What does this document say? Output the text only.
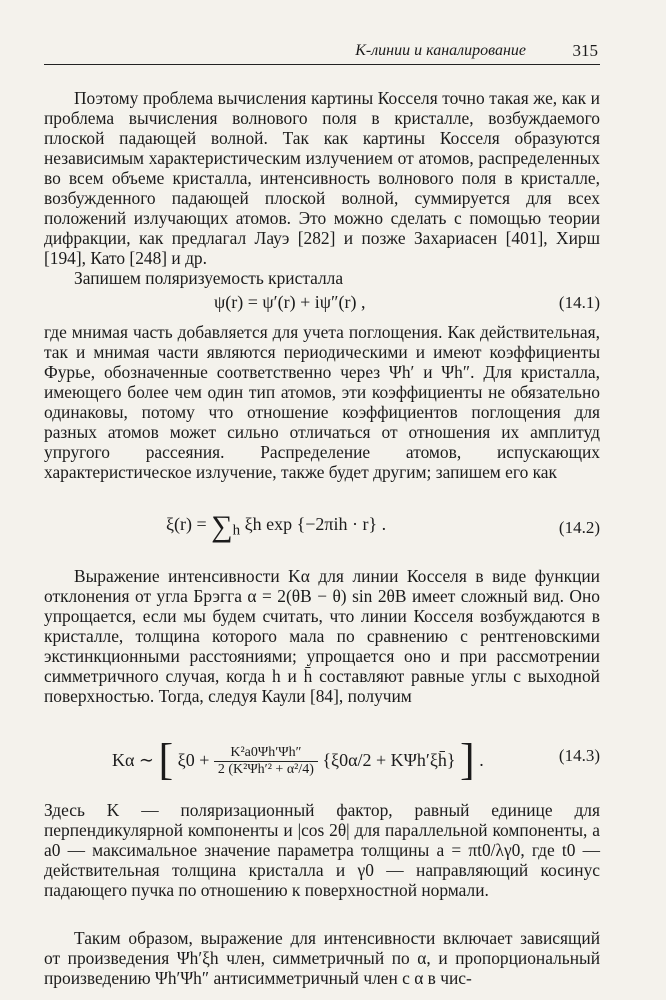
K-линии и каналирование	315

Поэтому проблема вычисления картины Косселя точно такая же, как и проблема вычисления волнового поля в кристалле, возбуждаемого плоской падающей волной. Так как картины Косселя образуются независимым характеристическим излучением от атомов, распределенных во всем объеме кристалла, интенсивность волнового поля в кристалле, возбужденного падающей плоской волной, суммируется для всех положений излучающих атомов. Это можно сделать с помощью теории дифракции, как предлагал Лауэ [282] и позже Захариасен [401], Хирш [194], Като [248] и др.

Запишем поляризуемость кристалла

ψ(r) = ψ′(r) + iψ″(r) ,	(14.1)

где мнимая часть добавляется для учета поглощения. Как действительная, так и мнимая части являются периодическими и имеют коэффициенты Фурье, обозначенные соответственно через Ψh′ и Ψh″. Для кристалла, имеющего более чем один тип атомов, эти коэффициенты не обязательно одинаковы, потому что отношение коэффициентов поглощения для разных атомов может сильно отличаться от отношения их амплитуд упругого рассеяния. Распределение атомов, испускающих характеристическое излучение, также будет другим; запишем его как

$\xi(r) = \sum_h$ ξh exp {−2πih · r} .	(14.2)

Выражение интенсивности Kα для линии Косселя в виде функции отклонения от угла Брэгга α = 2(θB − θ) sin 2θB имеет сложный вид. Оно упрощается, если мы будем считать, что линии Косселя возбуждаются в кристалле, толщина которого мала по сравнению с рентгеновскими экстинкционными расстояниями; упрощается оно и при рассмотрении симметричного случая, когда h и h̄ составляют равные углы с выходной поверхностью. Тогда, следуя Каули [84], получим

Kα ∼ [ $\xi 0 + \frac{\text{K²a0Ψh′Ψh″}}{\text{2 (K²Ψh′² + α²/4)}} \{\xi 0\alpha/2$ + KΨh′ξh̄} ] .	(14.3)

Здесь K — поляризационный фактор, равный единице для перпендикулярной компоненты и |cos 2θ| для параллельной компоненты, a a0 — максимальное значение параметра толщины a = πt0/λγ0, где t0 — действительная толщина кристалла и γ0 — направляющий косинус падающего пучка по отношению к поверхностной нормали.

Таким образом, выражение для интенсивности включает зависящий от произведения Ψh′ξh член, симметричный по α, и пропорциональный произведению Ψh′Ψh″ антисимметричный член с α в чис-
